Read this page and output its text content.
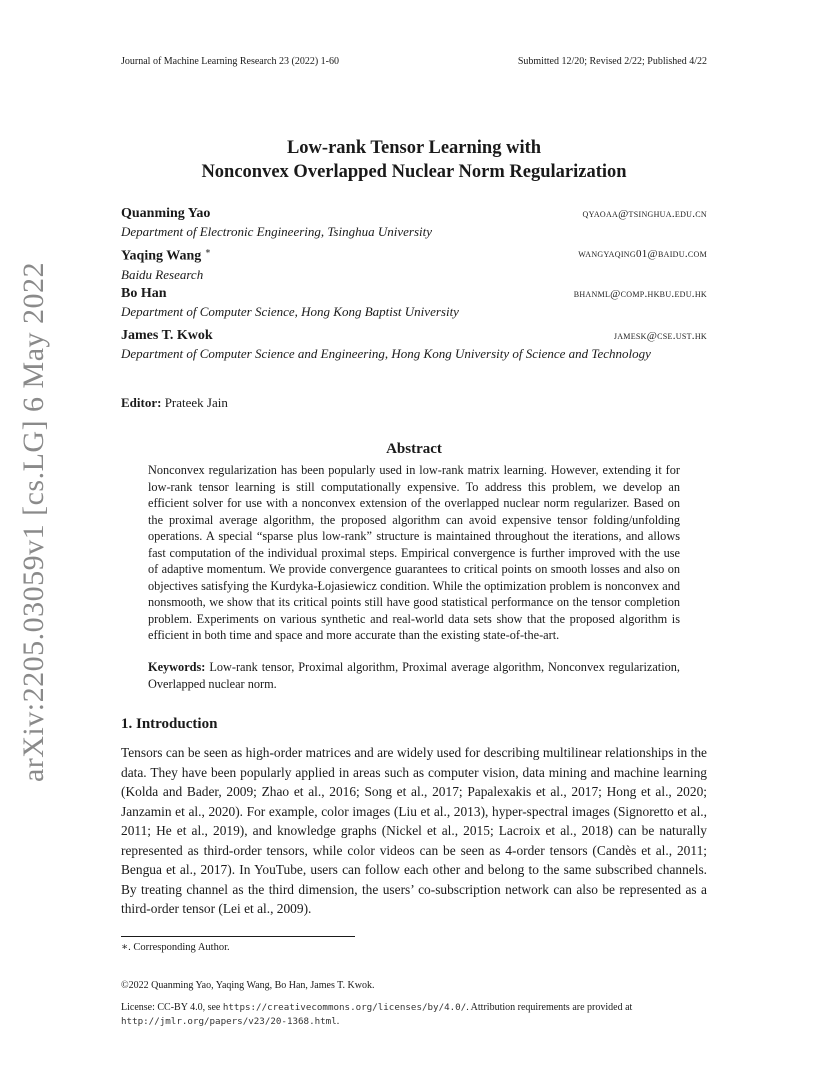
Journal of Machine Learning Research 23 (2022) 1-60	Submitted 12/20; Revised 2/22; Published 4/22
arXiv:2205.03059v1 [cs.LG] 6 May 2022
Low-rank Tensor Learning with
Nonconvex Overlapped Nuclear Norm Regularization
Quanming Yao	qyaoaa@tsinghua.edu.cn
Department of Electronic Engineering, Tsinghua University
Yaqing Wang ∗	wangyaqing01@baidu.com
Baidu Research
Bo Han	bhanml@comp.hkbu.edu.hk
Department of Computer Science, Hong Kong Baptist University
James T. Kwok	jamesk@cse.ust.hk
Department of Computer Science and Engineering, Hong Kong University of Science and Technology
Editor: Prateek Jain
Abstract
Nonconvex regularization has been popularly used in low-rank matrix learning. However, extending it for low-rank tensor learning is still computationally expensive. To address this problem, we develop an efficient solver for use with a nonconvex extension of the overlapped nuclear norm regularizer. Based on the proximal average algorithm, the proposed algorithm can avoid expensive tensor folding/unfolding operations. A special “sparse plus low-rank” structure is maintained throughout the iterations, and allows fast computation of the individual proximal steps. Empirical convergence is further improved with the use of adaptive momentum. We provide convergence guarantees to critical points on smooth losses and also on objectives satisfying the Kurdyka-Łojasiewicz condition. While the optimization problem is nonconvex and nonsmooth, we show that its critical points still have good statistical performance on the tensor completion problem. Experiments on various synthetic and real-world data sets show that the proposed algorithm is efficient in both time and space and more accurate than the existing state-of-the-art.
Keywords: Low-rank tensor, Proximal algorithm, Proximal average algorithm, Nonconvex regularization, Overlapped nuclear norm.
1. Introduction
Tensors can be seen as high-order matrices and are widely used for describing multilinear relationships in the data. They have been popularly applied in areas such as computer vision, data mining and machine learning (Kolda and Bader, 2009; Zhao et al., 2016; Song et al., 2017; Papalexakis et al., 2017; Hong et al., 2020; Janzamin et al., 2020). For example, color images (Liu et al., 2013), hyper-spectral images (Signoretto et al., 2011; He et al., 2019), and knowledge graphs (Nickel et al., 2015; Lacroix et al., 2018) can be naturally represented as third-order tensors, while color videos can be seen as 4-order tensors (Candès et al., 2011; Bengua et al., 2017). In YouTube, users can follow each other and belong to the same subscribed channels. By treating channel as the third dimension, the users’ co-subscription network can also be represented as a third-order tensor (Lei et al., 2009).
∗. Corresponding Author.
©2022 Quanming Yao, Yaqing Wang, Bo Han, James T. Kwok.
License: CC-BY 4.0, see https://creativecommons.org/licenses/by/4.0/. Attribution requirements are provided at
http://jmlr.org/papers/v23/20-1368.html.
